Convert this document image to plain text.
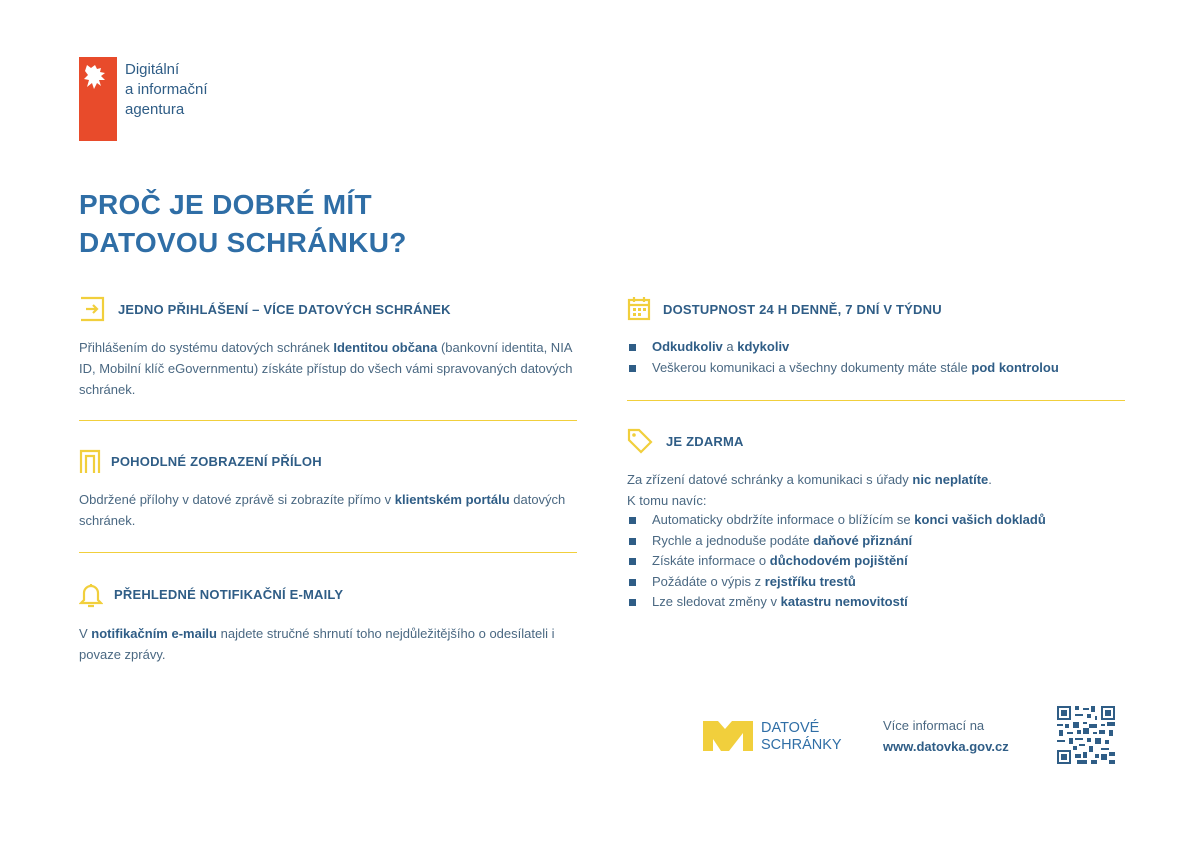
Digitální
a informační
agentura
PROČ JE DOBRÉ MÍT
DATOVOU SCHRÁNKU?
JEDNO PŘIHLÁŠENÍ – VÍCE DATOVÝCH SCHRÁNEK
Přihlášením do systému datových schránek Identitou občana (bankovní identita, NIA ID, Mobilní klíč eGovernmentu) získáte přístup do všech vámi spravovaných datových schránek.
POHODLNÉ ZOBRAZENÍ PŘÍLOH
Obdržené přílohy v datové zprávě si zobrazíte přímo v klientském portálu datových schránek.
PŘEHLEDNÉ NOTIFIKAČNÍ E-MAILY
V notifikačním e-mailu najdete stručné shrnutí toho nejdůležitějšího o odesílateli i povaze zprávy.
DOSTUPNOST 24 H DENNĚ, 7 DNÍ V TÝDNU
Odkudkoliv a kdykoliv
Veškerou komunikaci a všechny dokumenty máte stále pod kontrolou
JE ZDARMA
Za zřízení datové schránky a komunikaci s úřady nic neplatíte.
K tomu navíc:
Automaticky obdržíte informace o blížícím se konci vašich dokladů
Rychle a jednoduše podáte daňové přiznání
Získáte informace o důchodovém pojištění
Požádáte o výpis z rejstříku trestů
Lze sledovat změny v katastru nemovitostí
DATOVÉ
SCHRÁNKY
Více informací na
www.datovka.gov.cz
